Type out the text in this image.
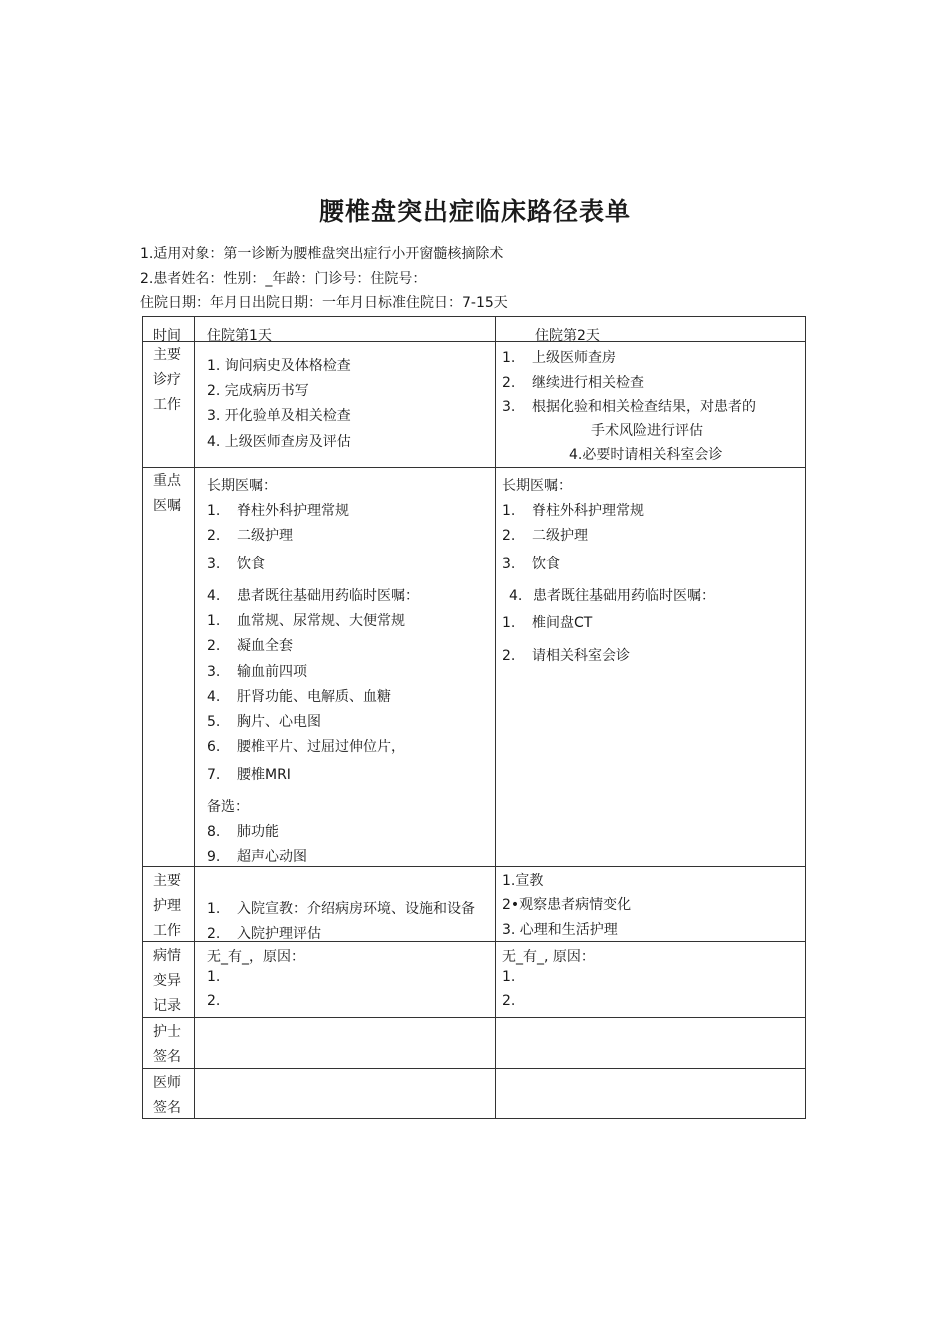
腰椎盘突出症临床路径表单
1.适用对象：第一诊断为腰椎盘突出症行小开窗髓核摘除术
2.患者姓名：性别：_年龄：门诊号：住院号：
住院日期：年月日出院日期：一年月日标准住院日：7-15天
时间 住院第1天	住院第2天
主要
诊疗
工作
1. 询问病史及体格检查
2. 完成病历书写
3. 开化验单及相关检查
4. 上级医师查房及评估
1. 上级医师查房
2. 继续进行相关检查
3. 根据化验和相关检查结果，对患者的
手术风险进行评估
4.必要时请相关科室会诊
重点
医嘱
长期医嘱：
1. 脊柱外科护理常规
2. 二级护理
3. 饮食
4. 患者既往基础用药临时医嘱：
1. 血常规、尿常规、大便常规
2. 凝血全套
3. 输血前四项
4. 肝肾功能、电解质、血糖
5. 胸片、心电图
6. 腰椎平片、过屈过伸位片，
7. 腰椎MRI
备选：
8. 肺功能
9. 超声心动图
长期医嘱：
1. 脊柱外科护理常规
2. 二级护理
3. 饮食
4. 患者既往基础用药临时医嘱：
1. 椎间盘CT
2. 请相关科室会诊
主要
护理
工作
1. 入院宣教：介绍病房环境、设施和设备
2. 入院护理评估
1.宣教
2•观察患者病情变化
3. 心理和生活护理
病情
变异
记录
无_有_，原因：
1.
2.
无_有_, 原因：
1.
2.
护士
签名
医师
签名
